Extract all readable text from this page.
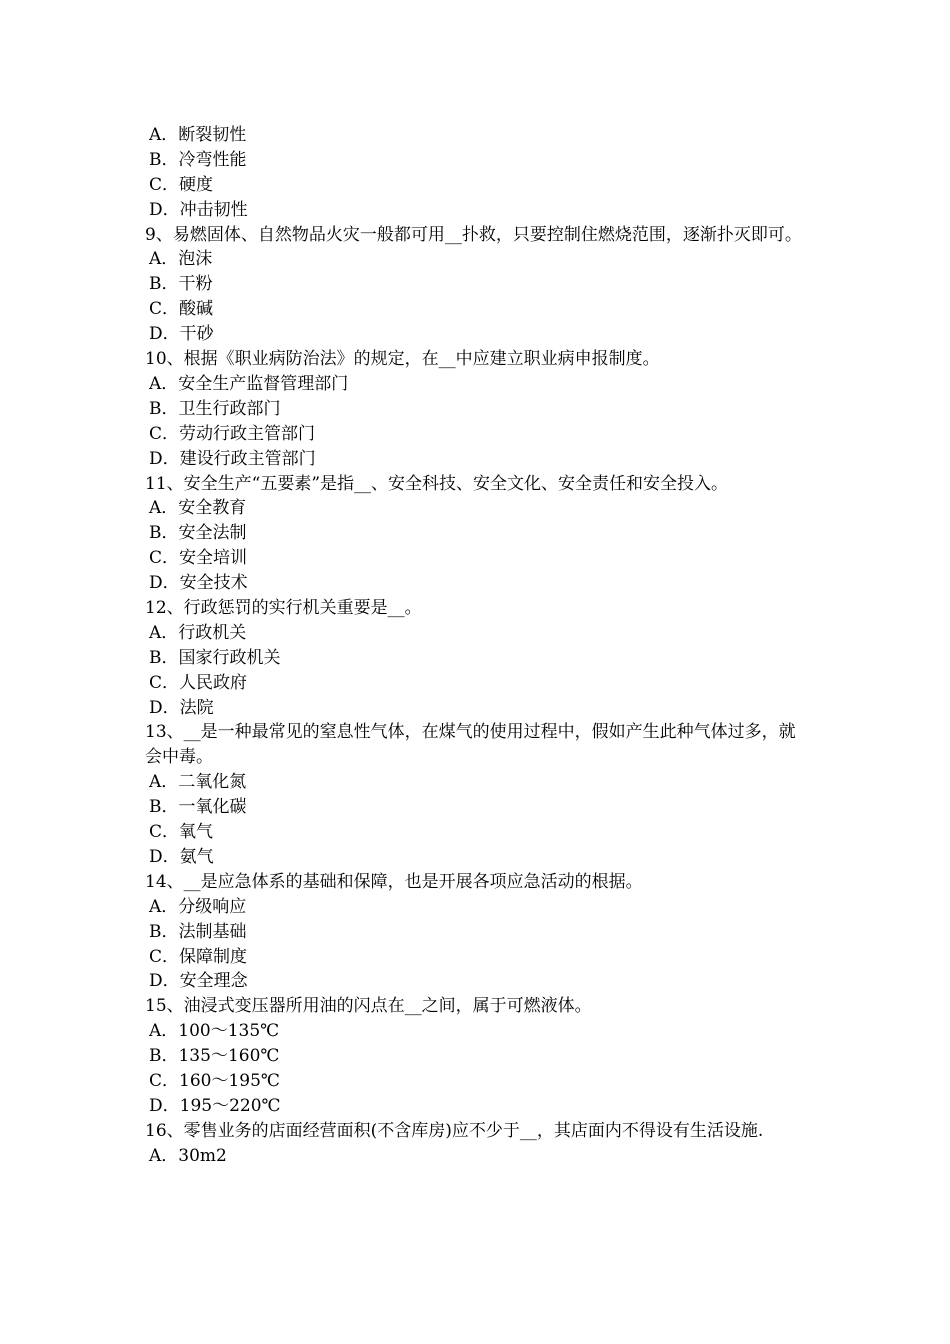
A．断裂韧性
B．冷弯性能
C．硬度
D．冲击韧性
9、易燃固体、自然物品火灾一般都可用__扑救，只要控制住燃烧范围，逐渐扑灭即可。
A．泡沫
B．干粉
C．酸碱
D．干砂
10、根据《职业病防治法》的规定，在__中应建立职业病申报制度。
A．安全生产监督管理部门
B．卫生行政部门
C．劳动行政主管部门
D．建设行政主管部门
11、安全生产“五要素”是指__、安全科技、安全文化、安全责任和安全投入。
A．安全教育
B．安全法制
C．安全培训
D．安全技术
12、行政惩罚的实行机关重要是__。
A．行政机关
B．国家行政机关
C．人民政府
D．法院
13、__是一种最常见的窒息性气体，在煤气的使用过程中，假如产生此种气体过多，就会中毒。
A．二氧化氮
B．一氧化碳
C．氧气
D．氨气
14、__是应急体系的基础和保障，也是开展各项应急活动的根据。
A．分级响应
B．法制基础
C．保障制度
D．安全理念
15、油浸式变压器所用油的闪点在__之间，属于可燃液体。
A．100～135℃
B．135～160℃
C．160～195℃
D．195～220℃
16、零售业务的店面经营面积(不含库房)应不少于__，其店面内不得设有生活设施.
A．30m2
